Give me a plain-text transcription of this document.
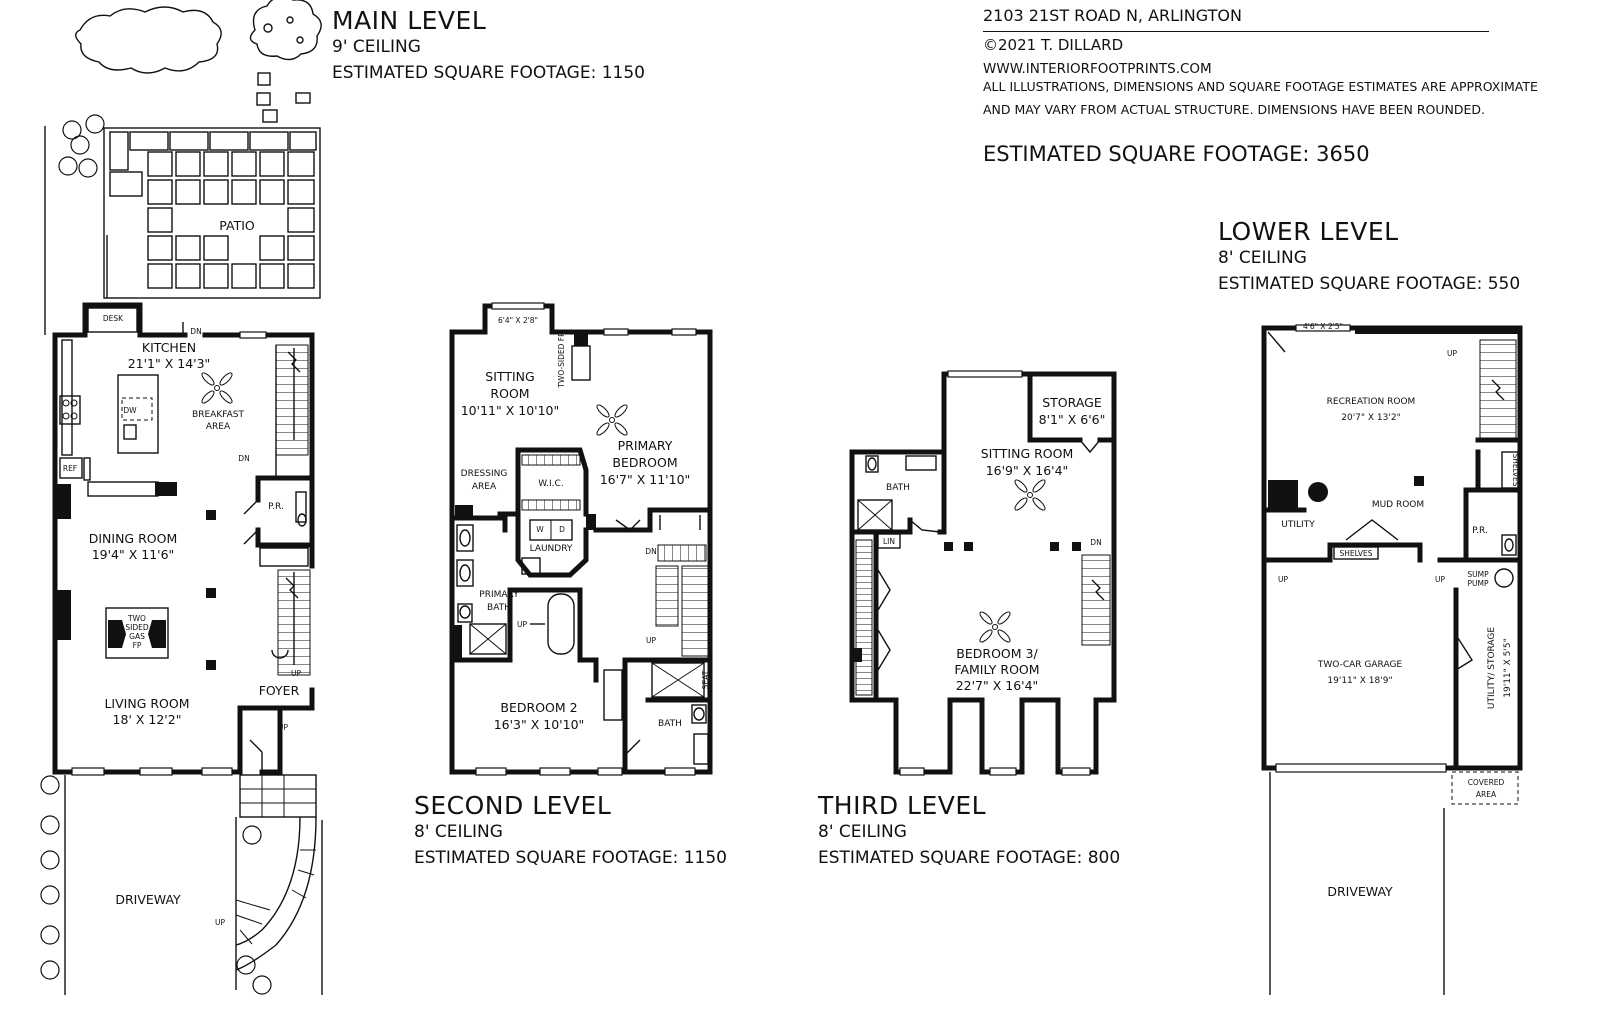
MAIN LEVEL
9' CEILING
ESTIMATED SQUARE FOOTAGE: 1150
2103 21ST ROAD N, ARLINGTON
©2021 T. DILLARD
WWW.INTERIORFOOTPRINTS.COM
ALL ILLUSTRATIONS, DIMENSIONS AND SQUARE FOOTAGE ESTIMATES ARE APPROXIMATE
AND MAY VARY FROM ACTUAL STRUCTURE. DIMENSIONS HAVE BEEN ROUNDED.
ESTIMATED SQUARE FOOTAGE: 3650
LOWER LEVEL
8' CEILING
ESTIMATED SQUARE FOOTAGE: 550
SECOND LEVEL
8' CEILING
ESTIMATED SQUARE FOOTAGE: 1150
THIRD LEVEL
8' CEILING
ESTIMATED SQUARE FOOTAGE: 800
PATIO
DESK
DN
REF
DW
KITCHEN
21'1" X 14'3"
BREAKFAST
AREA
DN
P.R.
DINING ROOM
19'4" X 11'6"
TWO
SIDED
GAS
FP
UP
LIVING ROOM
18' X 12'2"
FOYER
UP
UP
DRIVEWAY
6'4" X 2'8"
TWO-SIDED FP
SITTING
ROOM
10'11" X 10'10"
PRIMARY
BEDROOM
16'7" X 11'10"
DRESSING
AREA	W.I.C.
W D
LAUNDRY
PRIMARY
BATH
UP
DN
UP
SEAT
BEDROOM 2
16'3" X 10'10"	BATH
STORAGE
8'1" X 6'6"
SITTING ROOM
16'9" X 16'4"
BATH
LIN	DN
BEDROOM 3/
FAMILY ROOM
22'7" X 16'4"
4'6" X 2'5"
RECREATION ROOM
20'7" X 13'2"
UP
SHELVES
UTILITY
MUD ROOM
SHELVES
P.R.
UP	UP
SUMP
PUMP
TWO-CAR GARAGE
19'11" X 18'9"	UTILITY/ STORAGE 19'11" X 5'5"
COVERED
AREA
DRIVEWAY
